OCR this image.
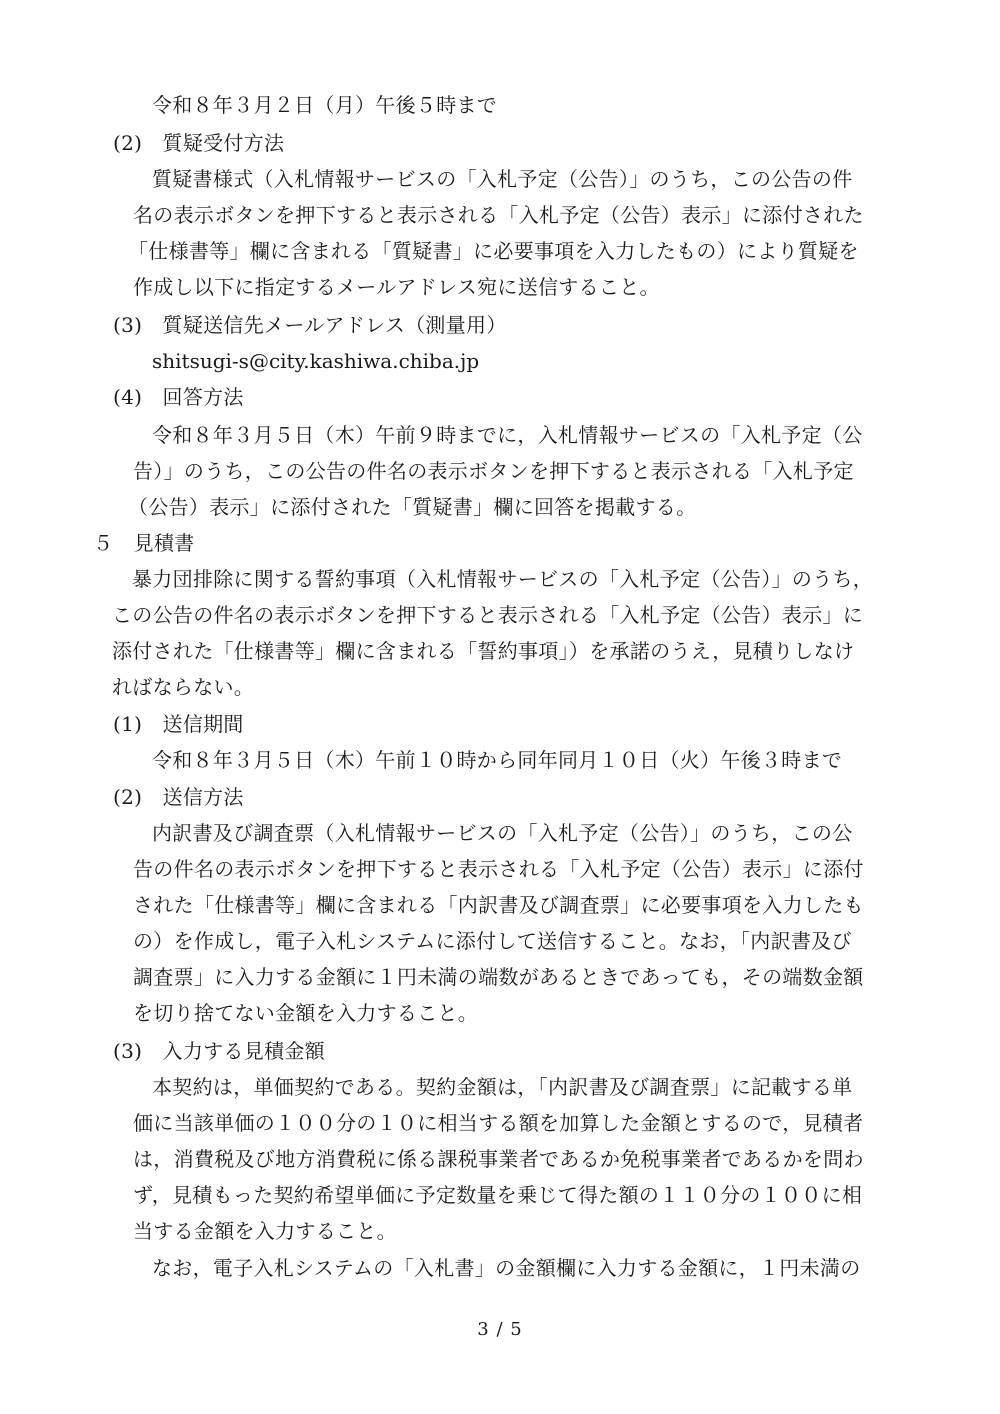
令和８年３月２日（月）午後５時まで
(2)　質疑受付方法
質疑書様式（入札情報サービスの「入札予定（公告）」のうち，この公告の件
名の表示ボタンを押下すると表示される「入札予定（公告）表示」に添付された
「仕様書等」欄に含まれる「質疑書」に必要事項を入力したもの）により質疑を
作成し以下に指定するメールアドレス宛に送信すること。
(3)　質疑送信先メールアドレス（測量用）
shitsugi-s@city.kashiwa.chiba.jp
(4)　回答方法
令和８年３月５日（木）午前９時までに，入札情報サービスの「入札予定（公
告）」のうち，この公告の件名の表示ボタンを押下すると表示される「入札予定
（公告）表示」に添付された「質疑書」欄に回答を掲載する。
５　見積書
暴力団排除に関する誓約事項（入札情報サービスの「入札予定（公告）」のうち，
この公告の件名の表示ボタンを押下すると表示される「入札予定（公告）表示」に
添付された「仕様書等」欄に含まれる「誓約事項」）を承諾のうえ，見積りしなけ
ればならない。
(1)　送信期間
令和８年３月５日（木）午前１０時から同年同月１０日（火）午後３時まで
(2)　送信方法
内訳書及び調査票（入札情報サービスの「入札予定（公告）」のうち，この公
告の件名の表示ボタンを押下すると表示される「入札予定（公告）表示」に添付
された「仕様書等」欄に含まれる「内訳書及び調査票」に必要事項を入力したも
の）を作成し，電子入札システムに添付して送信すること。なお，「内訳書及び
調査票」に入力する金額に１円未満の端数があるときであっても，その端数金額
を切り捨てない金額を入力すること。
(3)　入力する見積金額
本契約は，単価契約である。契約金額は，「内訳書及び調査票」に記載する単
価に当該単価の１００分の１０に相当する額を加算した金額とするので，見積者
は，消費税及び地方消費税に係る課税事業者であるか免税事業者であるかを問わ
ず，見積もった契約希望単価に予定数量を乗じて得た額の１１０分の１００に相
当する金額を入力すること。
なお，電子入札システムの「入札書」の金額欄に入力する金額に，１円未満の
3 / 5
